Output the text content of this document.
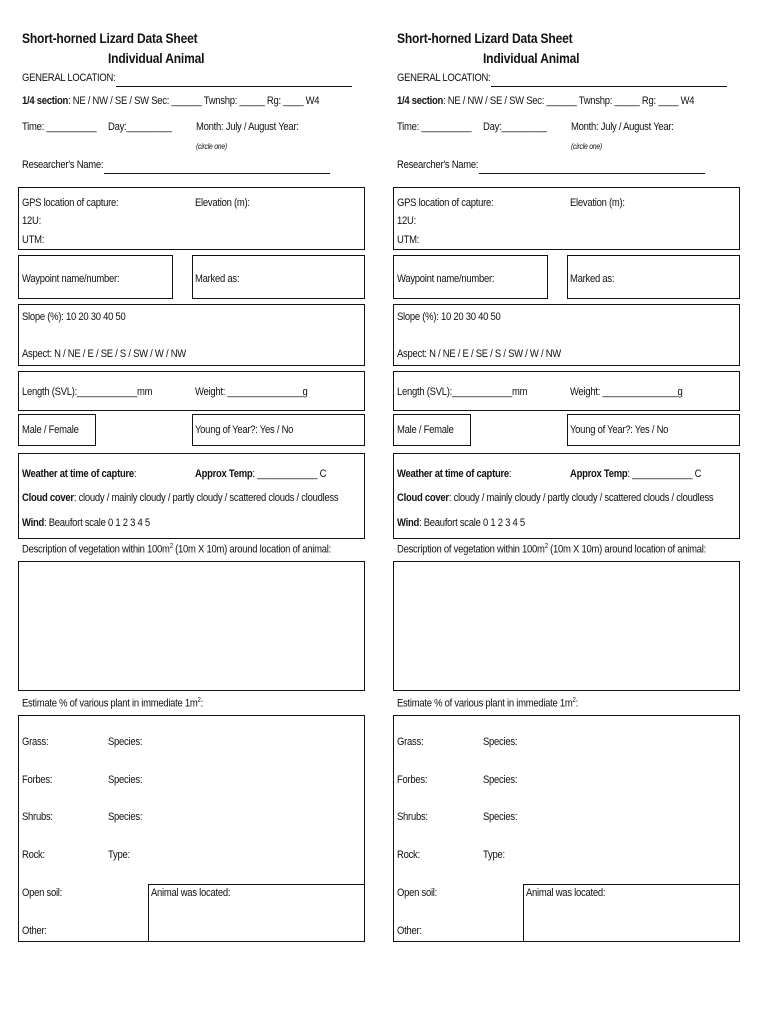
Short-horned Lizard Data Sheet
Individual Animal
GENERAL LOCATION:
1/4 section: NE / NW / SE / SW Sec: ______ Twnshp: _____ Rg: ____ W4
Time: __________ Day:_________ Month: July / August Year:
(circle one)
Researcher's Name:
GPS location of capture:
12U:
UTM:
Elevation (m):
Waypoint name/number:	Marked as:
Slope (%): 10 20 30 40 50
Aspect: N / NE / E / SE / S / SW / W / NW
Length (SVL):____________mm	Weight: _______________g
Male / Female	Young of Year?: Yes / No
Weather at time of capture:	Approx Temp: ____________ C
Cloud cover: cloudy / mainly cloudy / partly cloudy / scattered clouds / cloudless
Wind: Beaufort scale 0 1 2 3 4 5
Description of vegetation within $100m^2$ (10m X 10m) around location of animal:
Estimate % of various plant in immediate $1m^2$:
Grass:	Species:
Forbes:	Species:
Shrubs:	Species:
Rock:	Type:
Open soil:
Other:
Animal was located:
Short-horned Lizard Data Sheet
Individual Animal
GENERAL LOCATION:
1/4 section: NE / NW / SE / SW Sec: ______ Twnshp: _____ Rg: ____ W4
Time: __________ Day:_________ Month: July / August Year:
(circle one)
Researcher's Name:
GPS location of capture:
12U:
UTM:
Elevation (m):
Waypoint name/number:	Marked as:
Slope (%): 10 20 30 40 50
Aspect: N / NE / E / SE / S / SW / W / NW
Length (SVL):____________mm	Weight: _______________g
Male / Female	Young of Year?: Yes / No
Weather at time of capture:	Approx Temp: ____________ C
Cloud cover: cloudy / mainly cloudy / partly cloudy / scattered clouds / cloudless
Wind: Beaufort scale 0 1 2 3 4 5
Description of vegetation within $100m^2$ (10m X 10m) around location of animal:
Estimate % of various plant in immediate $1m^2$:
Grass:	Species:
Forbes:	Species:
Shrubs:	Species:
Rock:	Type:
Open soil:
Other:
Animal was located:
